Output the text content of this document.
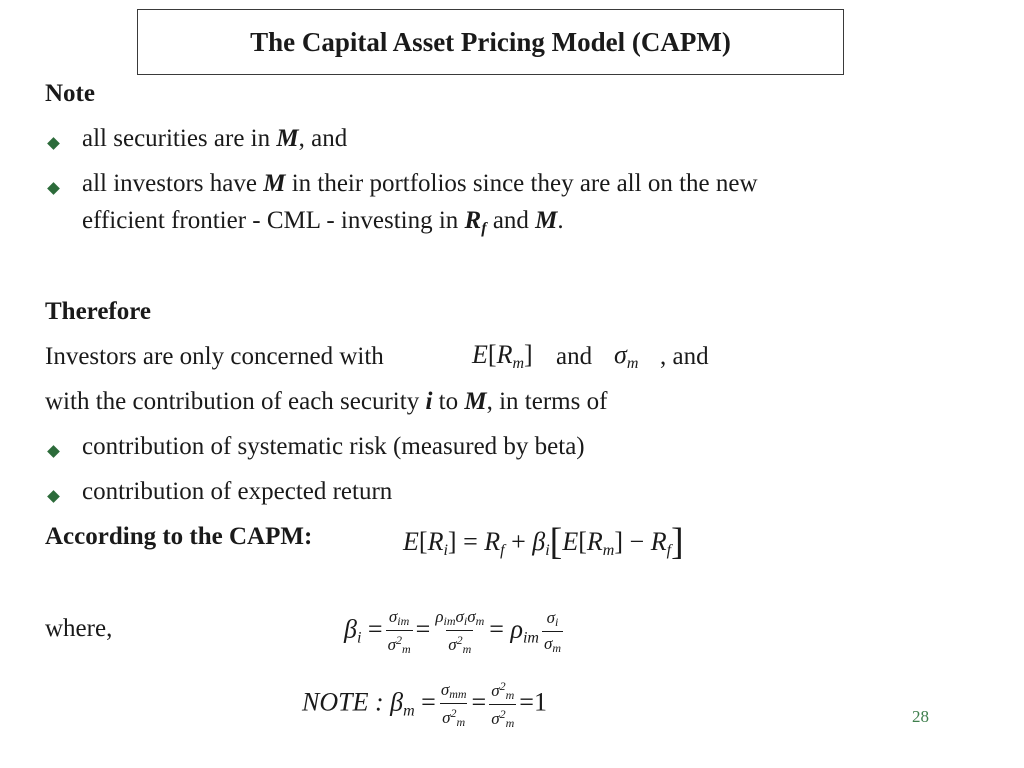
The Capital Asset Pricing Model (CAPM)
Note
all securities are in M, and
all investors have M in their portfolios since they are all on the new
efficient frontier - CML - investing in $R_f$ and M.
Therefore
Investors are only concerned with	$E[R_m]$ and $\sigma_m$ , and
with the contribution of each security i to M, in terms of
contribution of systematic risk (measured by beta)
contribution of expected return
According to the CAPM:	$E[R_i] = R_f + \beta_i[E[R_m] - R_f]$
where,	$\beta_i = \frac{\sigma_{im}}{\sigma^2_m} = \frac{\rho_{im}\sigma_i\sigma_m}{\sigma^2_m} = \rho_{im} \frac{\sigma_i}{\sigma_m}$
NOTE : $\beta_m = \frac{\sigma_{mm}}{\sigma^2_m} = \frac{\sigma^2_m}{\sigma^2_m} =1$
28
